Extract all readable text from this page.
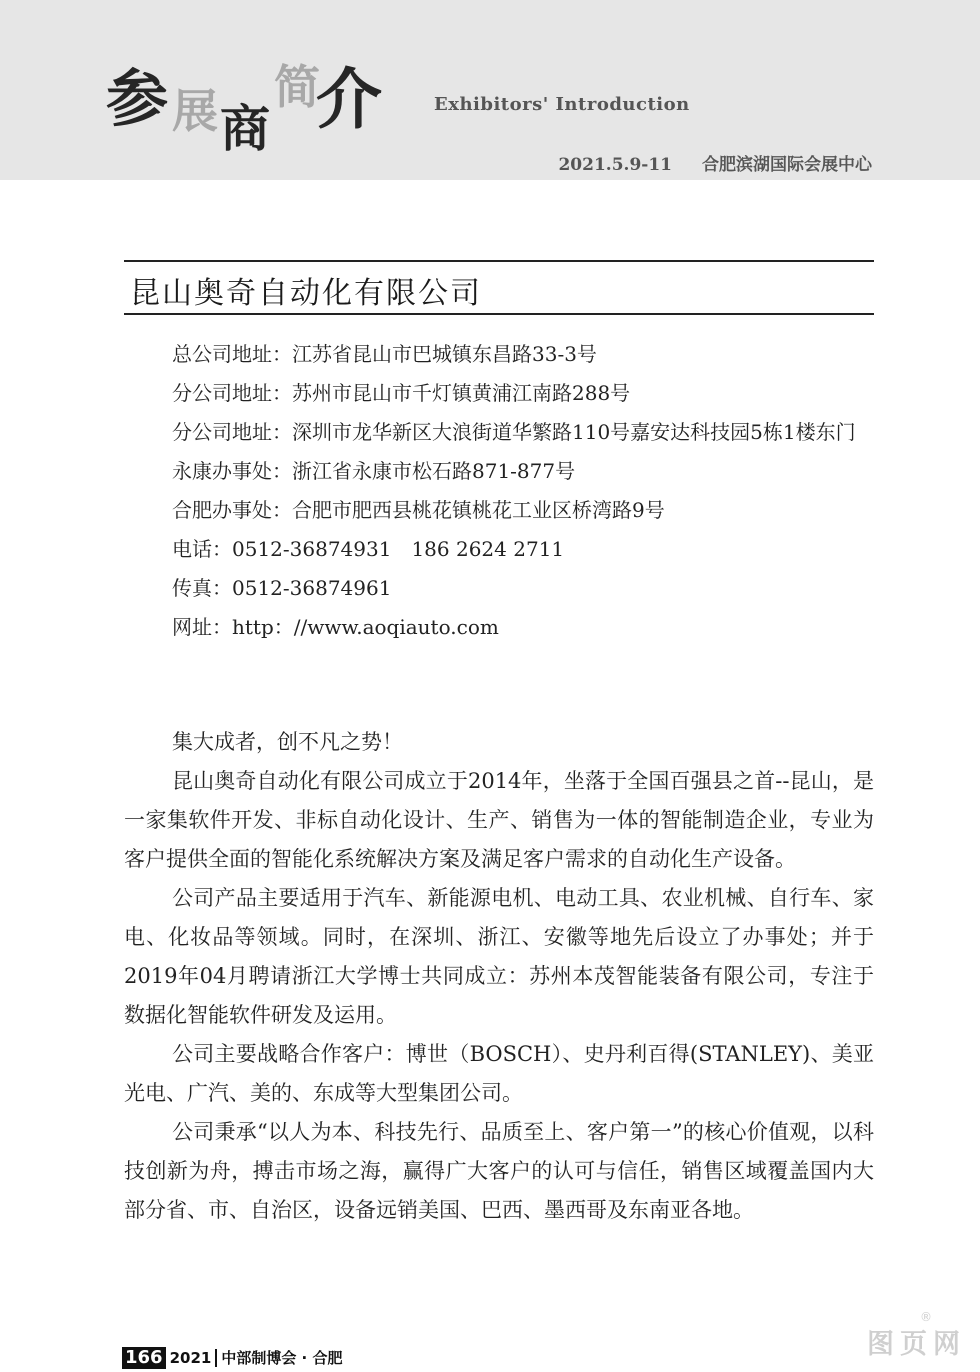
参 展 商
简
介	Exhibitors' Introduction
2021.5.9-11 合肥滨湖国际会展中心
昆山奥奇自动化有限公司
总公司地址：江苏省昆山市巴城镇东昌路33-3号
分公司地址：苏州市昆山市千灯镇黄浦江南路288号
分公司地址：深圳市龙华新区大浪街道华繁路110号嘉安达科技园5栋1楼东门
永康办事处：浙江省永康市松石路871-877号
合肥办事处：合肥市肥西县桃花镇桃花工业区桥湾路9号
电话：0512-36874931　186 2624 2711
传真：0512-36874961
网址：http：//www.aoqiauto.com

集大成者，创不凡之势！

昆山奥奇自动化有限公司成立于2014年，坐落于全国百强县之首--昆山，是一家集软件开发、非标自动化设计、生产、销售为一体的智能制造企业，专业为客户提供全面的智能化系统解决方案及满足客户需求的自动化生产设备。

公司产品主要适用于汽车、新能源电机、电动工具、农业机械、自行车、家电、化妆品等领域。同时，在深圳、浙江、安徽等地先后设立了办事处；并于2019年04月聘请浙江大学博士共同成立：苏州本茂智能装备有限公司，专注于数据化智能软件研发及运用。

公司主要战略合作客户：博世（BOSCH）、史丹利百得(STANLEY)、美亚光电、广汽、美的、东成等大型集团公司。

公司秉承“以人为本、科技先行、品质至上、客户第一”的核心价值观，以科技创新为舟，搏击市场之海，赢得广大客户的认可与信任，销售区域覆盖国内大部分省、市、自治区，设备远销美国、巴西、墨西哥及东南亚各地。

166 2021 中部制博会 · 合肥
®
图页网
